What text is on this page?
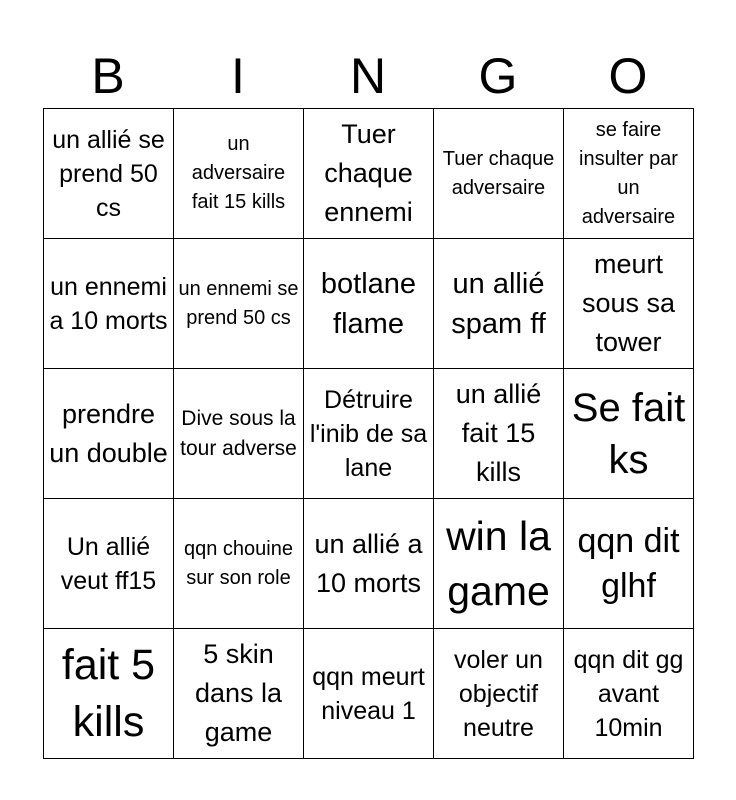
B	I	N	G	O
un allié se prend 50 cs	un adversaire fait 15 kills	Tuer chaque ennemi	Tuer chaque adversaire	se faire insulter par un adversaire

un ennemi a 10 morts	un ennemi se prend 50 cs	botlane flame	un allié spam ff	meurt sous sa tower

prendre un double	Dive sous la tour adverse	Détruire l'inib de sa lane	un allié fait 15 kills	Se fait ks

Un allié veut ff15	qqn chouine sur son role	un allié a 10 morts	win la game	qqn dit glhf

fait 5 kills	5 skin dans la game	qqn meurt niveau 1	voler un objectif neutre	qqn dit gg avant 10min
